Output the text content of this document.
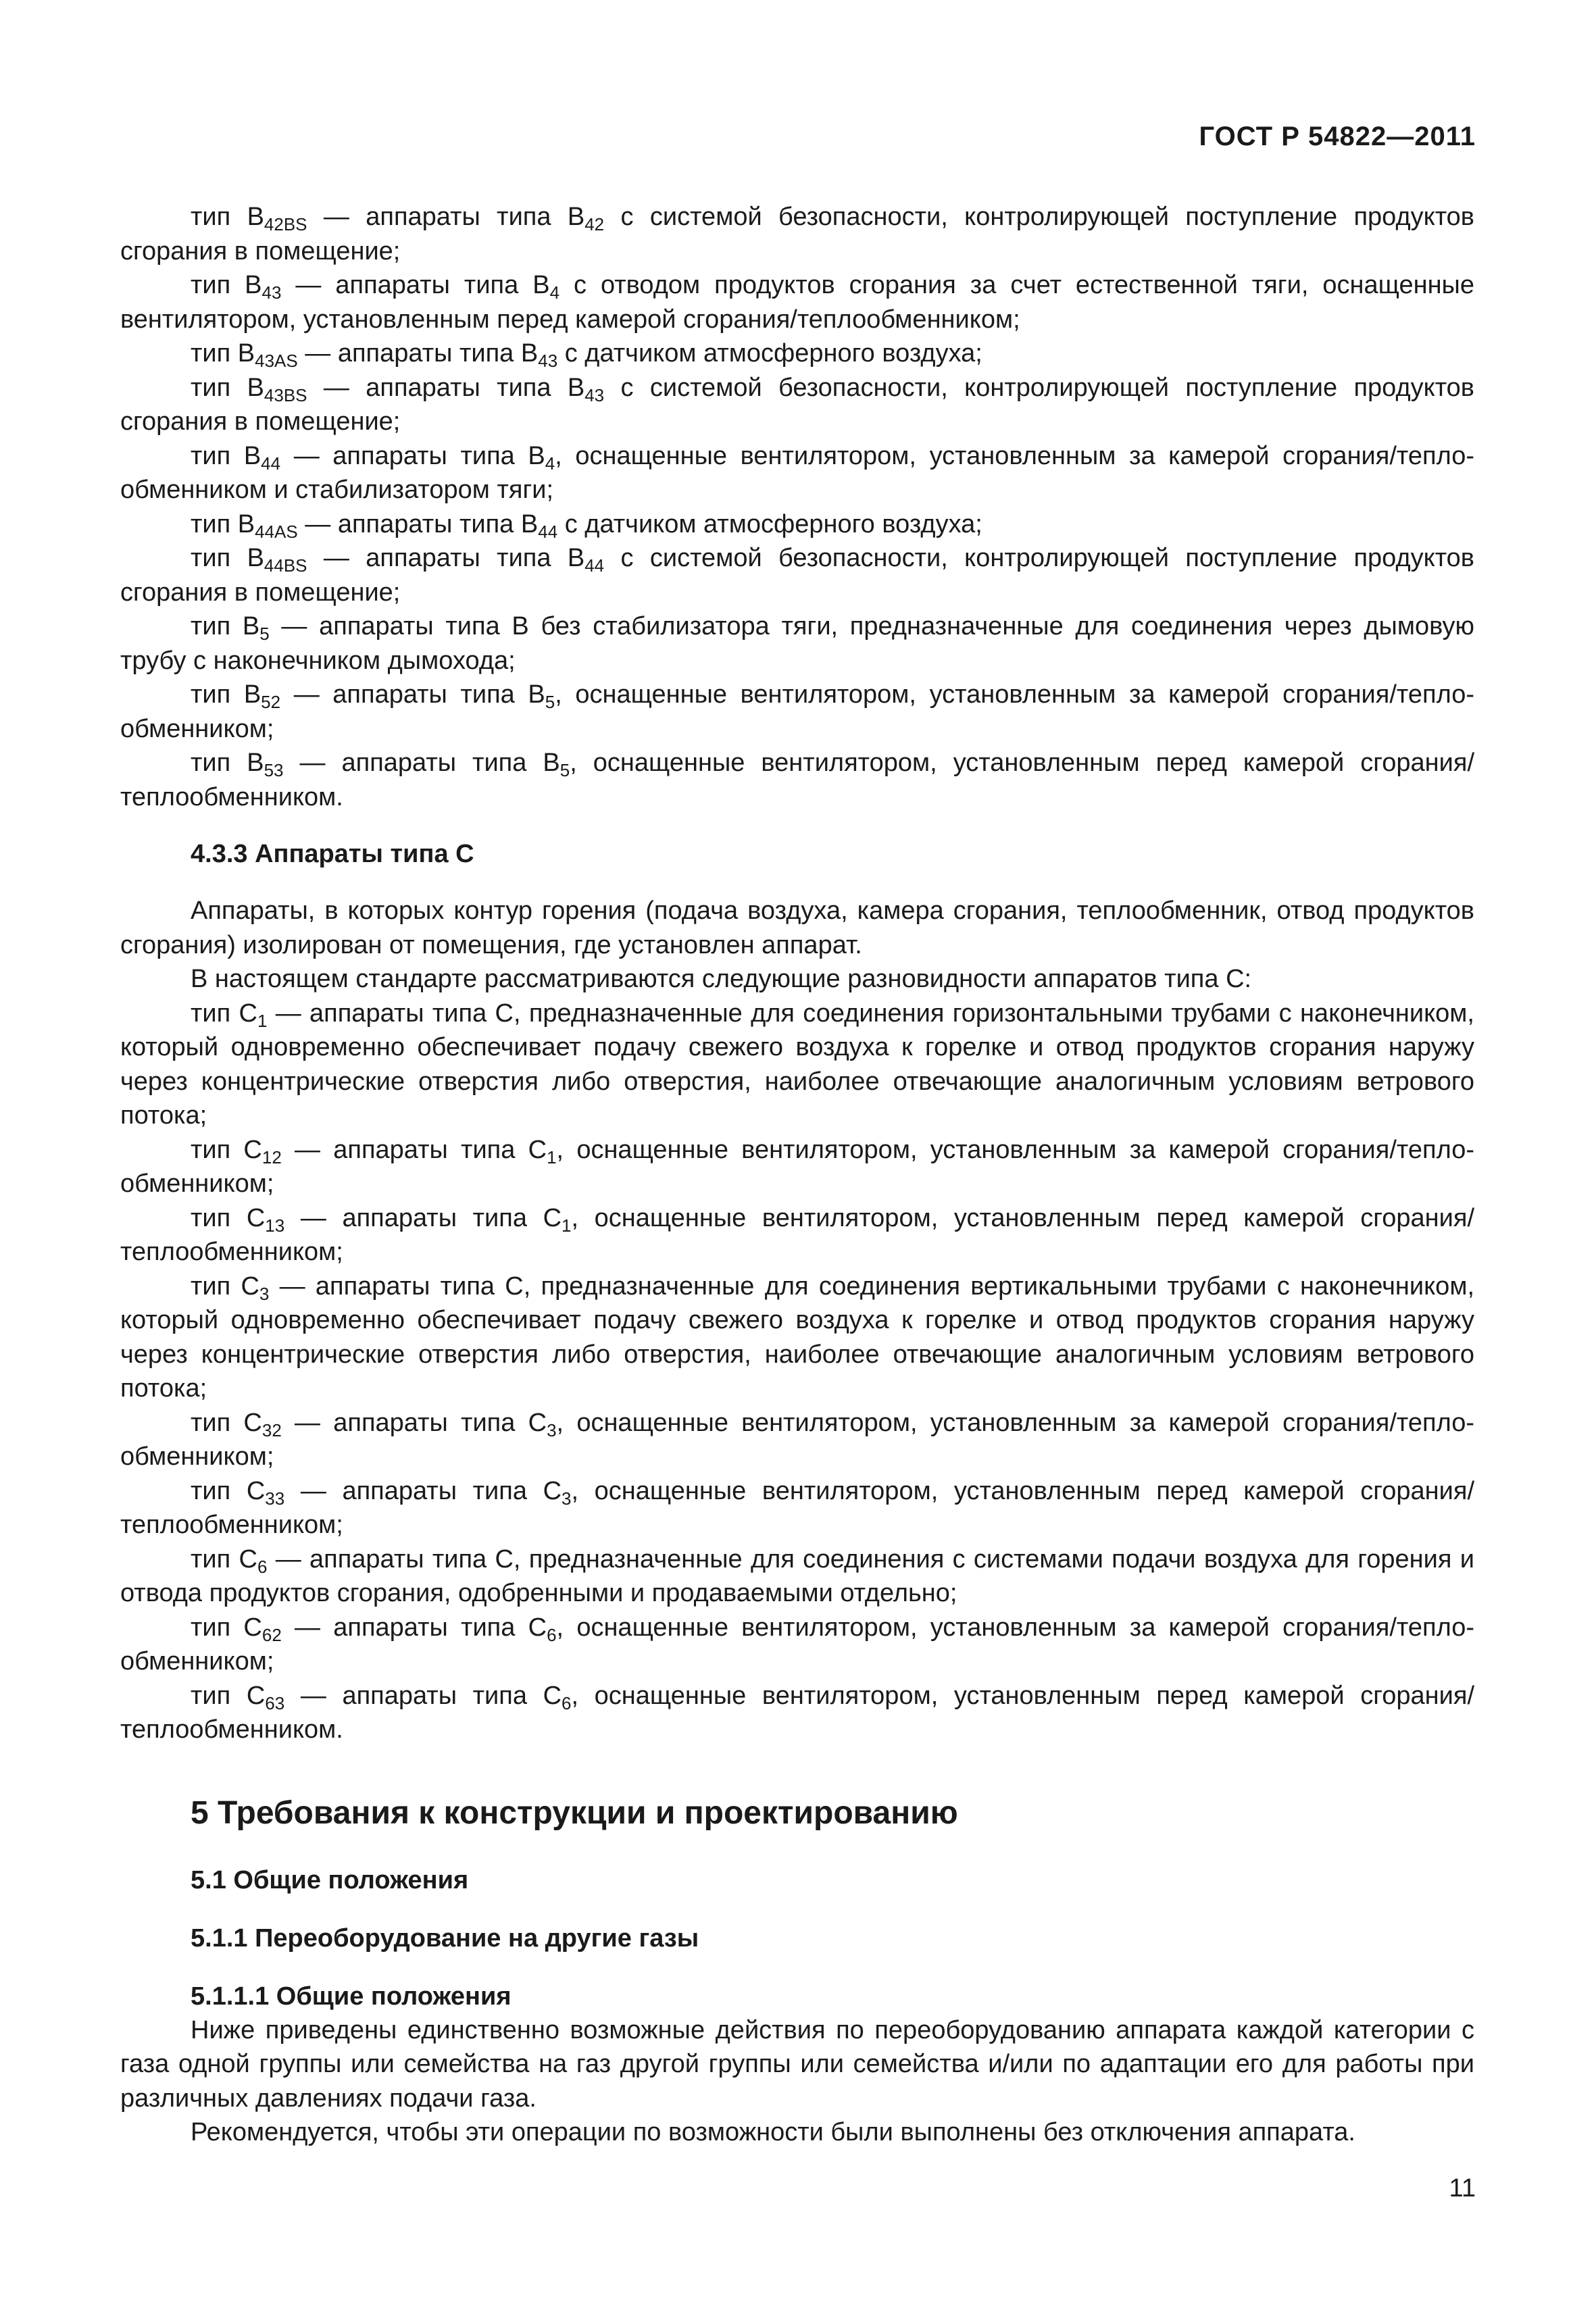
ГОСТ Р 54822—2011

тип $B_{42BS}$ — аппараты типа $B_{42}$ с системой безопасности, контролирующей поступление продуктов сгорания в помещение;

тип $B_{43}$ — аппараты типа $B_4$ с отводом продуктов сгорания за счет естественной тяги, оснащенные вентилятором, установленным перед камерой сгорания/теплообменником;

тип $B_{43AS}$ — аппараты типа $B_{43}$ с датчиком атмосферного воздуха;

тип $B_{43BS}$ — аппараты типа $B_{43}$ с системой безопасности, контролирующей поступление продуктов сгорания в помещение;

тип $B_{44}$ — аппараты типа $B_4$, оснащенные вентилятором, установленным за камерой сгорания/теплообменником и стабилизатором тяги;

тип $B_{44AS}$ — аппараты типа $B_{44}$ с датчиком атмосферного воздуха;

тип $B_{44BS}$ — аппараты типа $B_{44}$ с системой безопасности, контролирующей поступление продуктов сгорания в помещение;

тип $B_5$ — аппараты типа B без стабилизатора тяги, предназначенные для соединения через дымовую трубу с наконечником дымохода;

тип $B_{52}$ — аппараты типа $B_5$, оснащенные вентилятором, установленным за камерой сгорания/теплообменником;

тип $B_{53}$ — аппараты типа $B_5$, оснащенные вентилятором, установленным перед камерой сгорания/ теплообменником.

4.3.3 Аппараты типа С

Аппараты, в которых контур горения (подача воздуха, камера сгорания, теплообменник, отвод продуктов сгорания) изолирован от помещения, где установлен аппарат.

В настоящем стандарте рассматриваются следующие разновидности аппаратов типа С:

тип $C_1$ — аппараты типа C, предназначенные для соединения горизонтальными трубами с наконечником, который одновременно обеспечивает подачу свежего воздуха к горелке и отвод продуктов сгорания наружу через концентрические отверстия либо отверстия, наиболее отвечающие аналогичным условиям ветрового потока;

тип $C_{12}$ — аппараты типа $C_1$, оснащенные вентилятором, установленным за камерой сгорания/теплообменником;

тип $C_{13}$ — аппараты типа $C_1$, оснащенные вентилятором, установленным перед камерой сгорания/ теплообменником;

тип $C_3$ — аппараты типа C, предназначенные для соединения вертикальными трубами с наконечником, который одновременно обеспечивает подачу свежего воздуха к горелке и отвод продуктов сгорания наружу через концентрические отверстия либо отверстия, наиболее отвечающие аналогичным условиям ветрового потока;

тип $C_{32}$ — аппараты типа $C_3$, оснащенные вентилятором, установленным за камерой сгорания/теплообменником;

тип $C_{33}$ — аппараты типа $C_3$, оснащенные вентилятором, установленным перед камерой сгорания/ теплообменником;

тип $C_6$ — аппараты типа C, предназначенные для соединения с системами подачи воздуха для горения и отвода продуктов сгорания, одобренными и продаваемыми отдельно;

тип $C_{62}$ — аппараты типа $C_6$, оснащенные вентилятором, установленным за камерой сгорания/теплообменником;

тип $C_{63}$ — аппараты типа $C_6$, оснащенные вентилятором, установленным перед камерой сгорания/ теплообменником.

5 Требования к конструкции и проектированию
5.1 Общие положения
5.1.1 Переоборудование на другие газы
5.1.1.1 Общие положения

Ниже приведены единственно возможные действия по переоборудованию аппарата каждой категории с газа одной группы или семейства на газ другой группы или семейства и/или по адаптации его для работы при различных давлениях подачи газа.

Рекомендуется, чтобы эти операции по возможности были выполнены без отключения аппарата.

11
